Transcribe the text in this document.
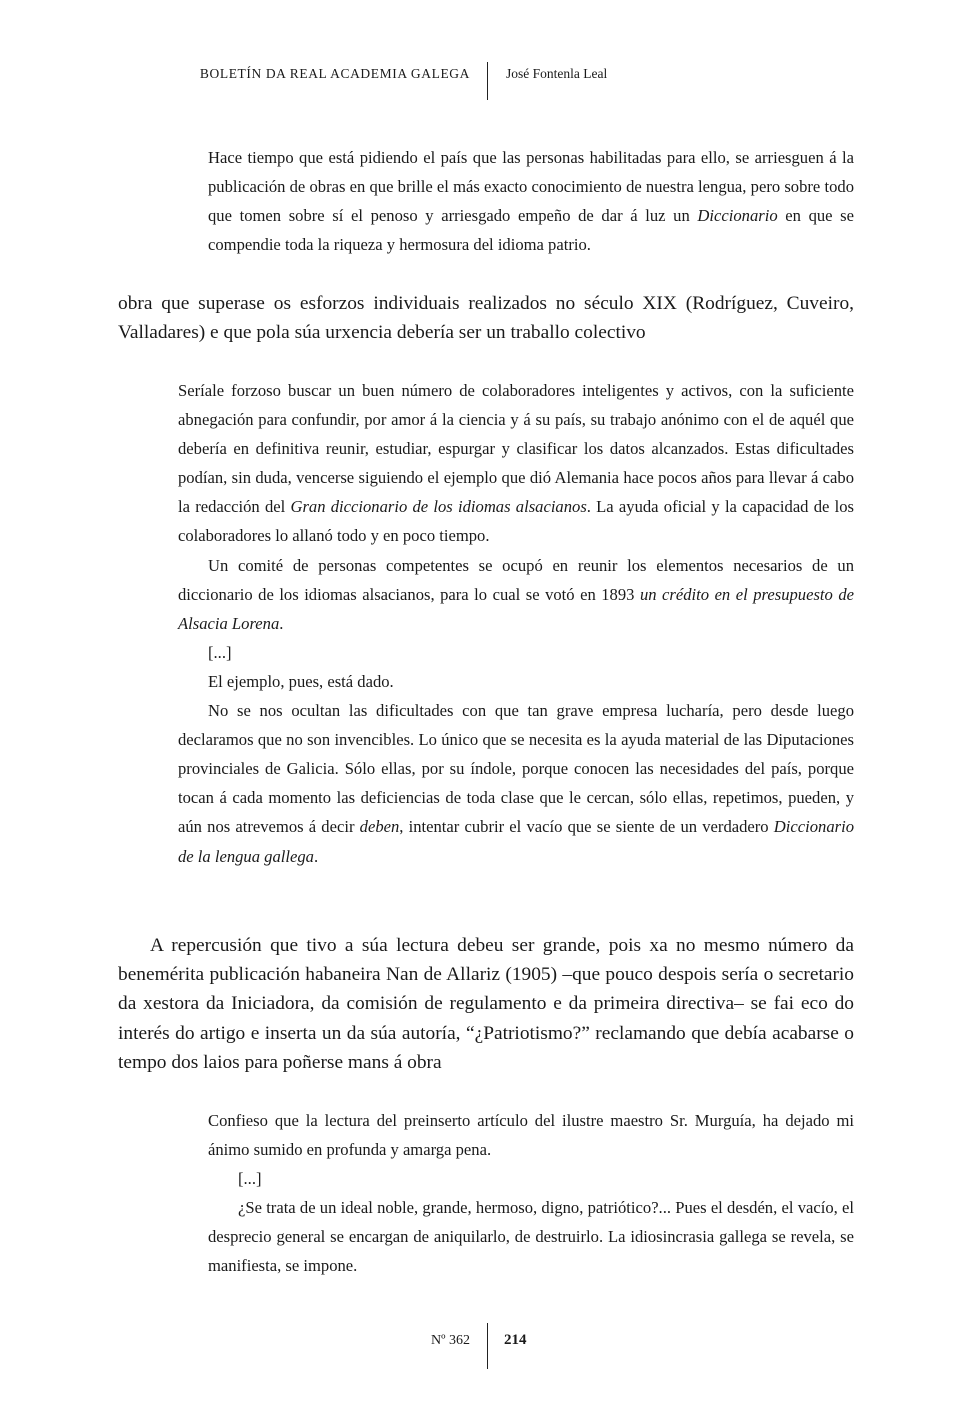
BOLETÍN DA REAL ACADEMIA GALEGA	José Fontenla Leal

Hace tiempo que está pidiendo el país que las personas habilitadas para ello, se arriesguen á la publicación de obras en que brille el más exacto conocimiento de nuestra lengua, pero sobre todo que tomen sobre sí el penoso y arriesgado empeño de dar á luz un Diccionario en que se compendie toda la riqueza y hermosura del idioma patrio.

obra que superase os esforzos individuais realizados no século XIX (Rodríguez, Cuveiro, Valladares) e que pola súa urxencia debería ser un traballo colectivo

Seríale forzoso buscar un buen número de colaboradores inteligentes y activos, con la suficiente abnegación para confundir, por amor á la ciencia y á su país, su trabajo anónimo con el de aquél que debería en definitiva reunir, estudiar, espurgar y clasificar los datos alcanzados. Estas dificultades podían, sin duda, vencerse siguiendo el ejemplo que dió Alemania hace pocos años para llevar á cabo la redacción del Gran diccionario de los idiomas alsacianos. La ayuda oficial y la capacidad de los colaboradores lo allanó todo y en poco tiempo.

Un comité de personas competentes se ocupó en reunir los elementos necesarios de un diccionario de los idiomas alsacianos, para lo cual se votó en 1893 un crédito en el presupuesto de Alsacia Lorena.

[...]

El ejemplo, pues, está dado.

No se nos ocultan las dificultades con que tan grave empresa lucharía, pero desde luego declaramos que no son invencibles. Lo único que se necesita es la ayuda material de las Diputaciones provinciales de Galicia. Sólo ellas, por su índole, porque conocen las necesidades del país, porque tocan á cada momento las deficiencias de toda clase que le cercan, sólo ellas, repetimos, pueden, y aún nos atrevemos á decir deben, intentar cubrir el vacío que se siente de un verdadero Diccionario de la lengua gallega.

A repercusión que tivo a súa lectura debeu ser grande, pois xa no mesmo número da benemérita publicación habaneira Nan de Allariz (1905) –que pouco despois sería o secretario da xestora da Iniciadora, da comisión de regulamento e da primeira directiva– se fai eco do interés do artigo e inserta un da súa autoría, “¿Patriotismo?” reclamando que debía acabarse o tempo dos laios para poñerse mans á obra

Confieso que la lectura del preinserto artículo del ilustre maestro Sr. Murguía, ha dejado mi ánimo sumido en profunda y amarga pena.

[...]

¿Se trata de un ideal noble, grande, hermoso, digno, patriótico?... Pues el desdén, el vacío, el desprecio general se encargan de aniquilarlo, de destruirlo. La idiosincrasia gallega se revela, se manifiesta, se impone.

Nº 362 214
